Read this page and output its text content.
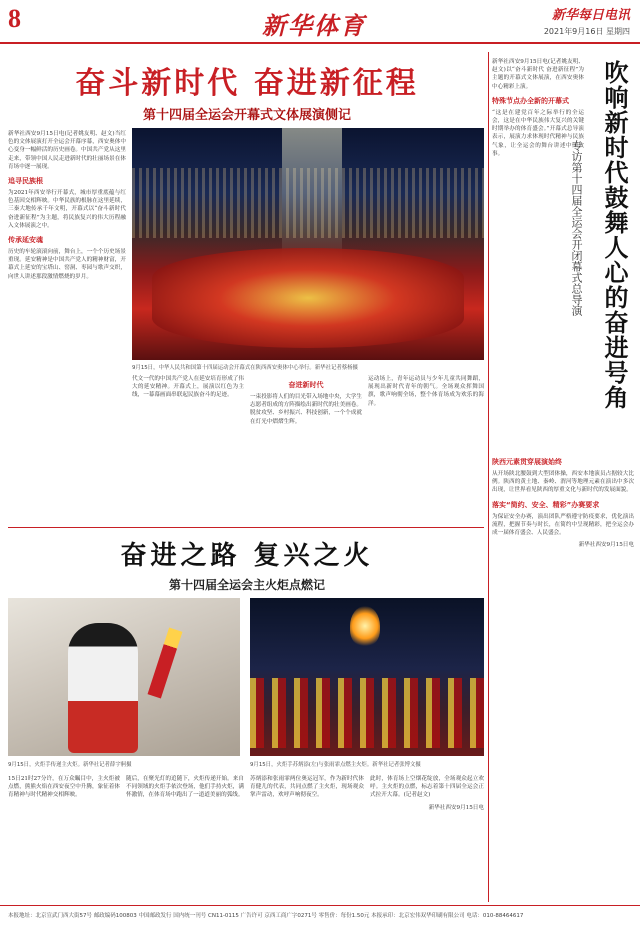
8	新华体育	新华每日电讯
2021年9月16日 星期四
奋斗新时代 奋进新征程
第十四届全运会开幕式文体展演侧记

新华社西安9月15日电(记者姚友明、赵文)当红色的文体展演打开全运会开幕序幕，西安奥体中心变身一幅鲜活的历史画卷。中国共产党从这里走来，带领中国人民走进新时代的壮丽场景在体育场中逐一展现。

追寻民族根

为2021年西安举行开幕式，城市厚重底蕴与红色基因交相辉映。中华民族的根脉在这里延续，三秦大地传承千年文明，开幕式以“奋斗新时代 奋进新征程”为主题，将民族复兴的伟大历程融入文体展演之中。

传承延安魂

历史的车轮滚滚向前，舞台上，一个个历史场景重现。延安精神是中国共产党人的精神财富，开幕式上延安的宝塔山、窑洞、枣园与歌声交织，向世人讲述那段激情燃烧的岁月。

9月15日，中华人民共和国第十四届运动会开幕式在陕西西安奥体中心举行。新华社记者蔡杨摄

代文一代的中国共产党人在延安培育形成了伟大的延安精神。开幕式上，展演以红色为主线，一幕幕画面串联起民族奋斗的足迹。

奋进新时代

一束投影将人们的目光带入场地中央，大学生志愿者组成的方阵描绘出新时代的壮美画卷。脱贫攻坚、乡村振兴、科技创新，一个个成就在灯光中熠熠生辉。

运动场上，青年运动员与少年儿童共同舞蹈，展现出新时代青年的朝气。全场观众挥舞国旗，歌声响彻全场，整个体育场成为欢乐的海洋。

新华社西安9月15日电(记者姚友明、赵文)以“奋斗新时代 奋进新征程”为主题的开幕式文体展演，在西安奥体中心精彩上演。

特殊节点办全新的开幕式

“这是在建党百年之际举行的全运会，这是在中华民族伟大复兴的关键时期举办的体育盛会。”开幕式总导演表示，展演力求体现时代精神与民族气象，让全运会的舞台讲述中国故事。	吹响新时代鼓舞人心的奋进号角
专访第十四届全运会开闭幕式总导演
陕西元素贯穿展演始终

从开场陕北腰鼓到大型团体操，西安本地演员占据较大比例。陕西的黄土地、秦岭、渭河等地理元素在演出中多次出现，让世界看见陕西的厚重文化与新时代的发展面貌。

落实“简约、安全、精彩”办赛要求

为保证安全办赛，演出团队严格遵守防疫要求，优化演出流程，把握节奏与时长，在简约中呈现精彩，把全运会办成一届体育盛会、人民盛会。

新华社西安9月15日电

奋进之路 复兴之火
第十四届全运会主火炬点燃记
9月15日，火炬手传递主火炬。新华社记者薛宇舸摄	9月15日，火炬手苏炳添(左)与张雨霏点燃主火炬。新华社记者张博文摄

15日21时27分许，在万众瞩目中，主火炬被点燃，熊熊火焰在西安夜空中升腾，象征着体育精神与时代精神交相辉映。

随后，在聚光灯的追随下，火炬传递开始。来自不同领域的火炬手依次登场，他们手持火炬，满怀激情，在体育场中跑出了一道道美丽的弧线。

苏炳添和张雨霏两位奥运冠军，作为新时代体育健儿的代表，共同点燃了主火炬，现场观众掌声雷动，欢呼声响彻夜空。

此时，体育场上空烟花绽放，全场观众起立欢呼。主火炬的点燃，标志着第十四届全运会正式拉开大幕。(记者赵文)

新华社西安9月15日电

本报地址：北京宣武门西大街57号 邮政编码100803 中国邮政发行 国内统一刊号 CN11-0115 广告许可 京西工商广字0271号 零售价：每份1.50元 本报承印：北京宏伟双华印刷有限公司 电话：010-88464617
